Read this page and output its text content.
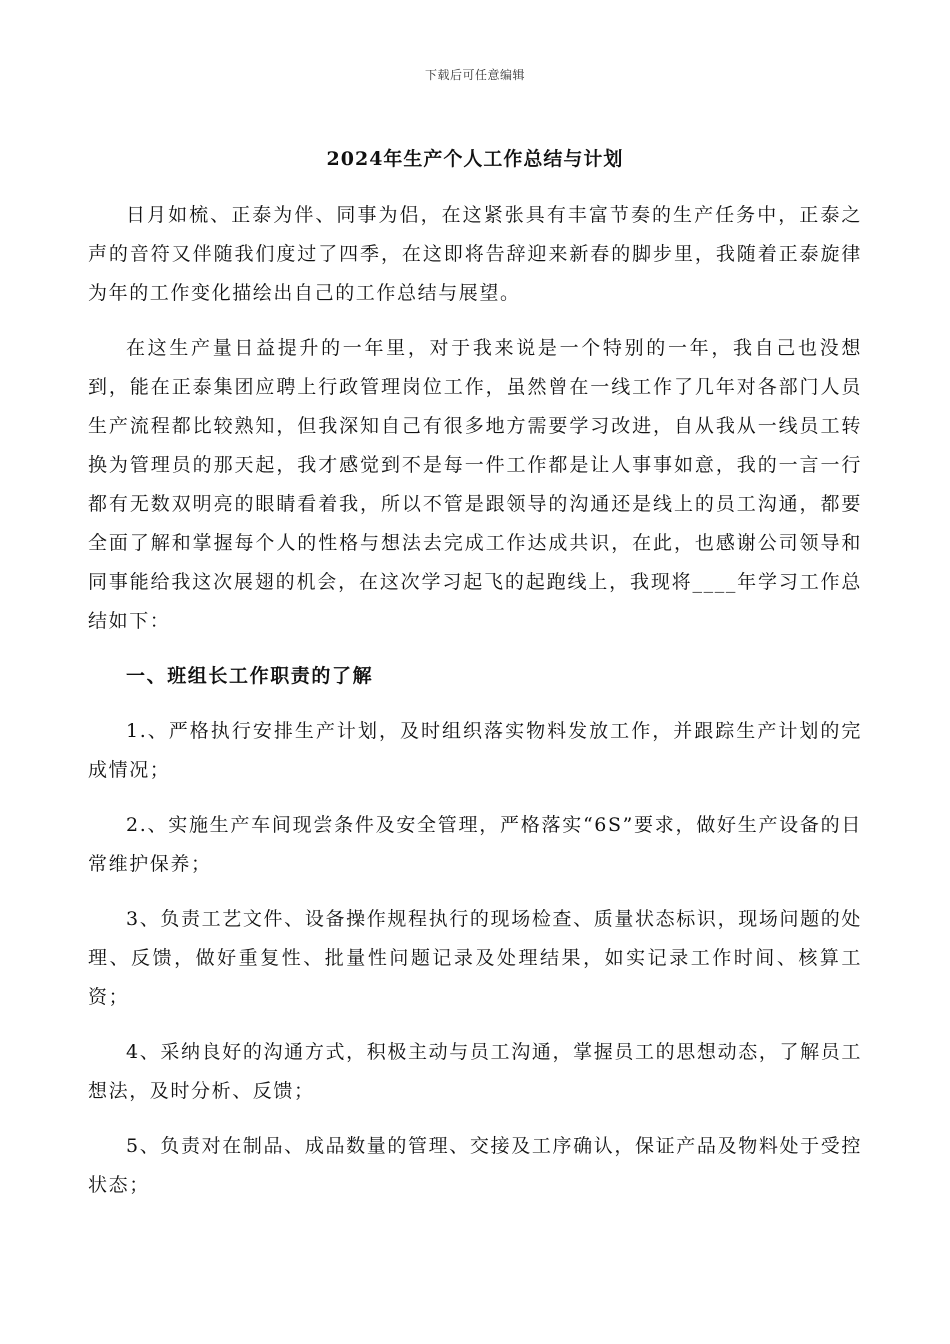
下载后可任意编辑
2024年生产个人工作总结与计划

日月如梳、正泰为伴、同事为侣，在这紧张具有丰富节奏的生产任务中，正泰之声的音符又伴随我们度过了四季，在这即将告辞迎来新春的脚步里，我随着正泰旋律为年的工作变化描绘出自己的工作总结与展望。

在这生产量日益提升的一年里，对于我来说是一个特别的一年，我自己也没想到，能在正泰集团应聘上行政管理岗位工作，虽然曾在一线工作了几年对各部门人员生产流程都比较熟知，但我深知自己有很多地方需要学习改进，自从我从一线员工转换为管理员的那天起，我才感觉到不是每一件工作都是让人事事如意，我的一言一行都有无数双明亮的眼睛看着我，所以不管是跟领导的沟通还是线上的员工沟通，都要全面了解和掌握每个人的性格与想法去完成工作达成共识，在此，也感谢公司领导和同事能给我这次展翅的机会，在这次学习起飞的起跑线上，我现将____年学习工作总结如下：

一、班组长工作职责的了解

1.、严格执行安排生产计划，及时组织落实物料发放工作，并跟踪生产计划的完成情况；

2.、实施生产车间现尝条件及安全管理，严格落实“6S”要求，做好生产设备的日常维护保养；

3、负责工艺文件、设备操作规程执行的现场检查、质量状态标识，现场问题的处理、反馈，做好重复性、批量性问题记录及处理结果，如实记录工作时间、核算工资；

4、采纳良好的沟通方式，积极主动与员工沟通，掌握员工的思想动态，了解员工想法，及时分析、反馈；

5、负责对在制品、成品数量的管理、交接及工序确认，保证产品及物料处于受控状态；
